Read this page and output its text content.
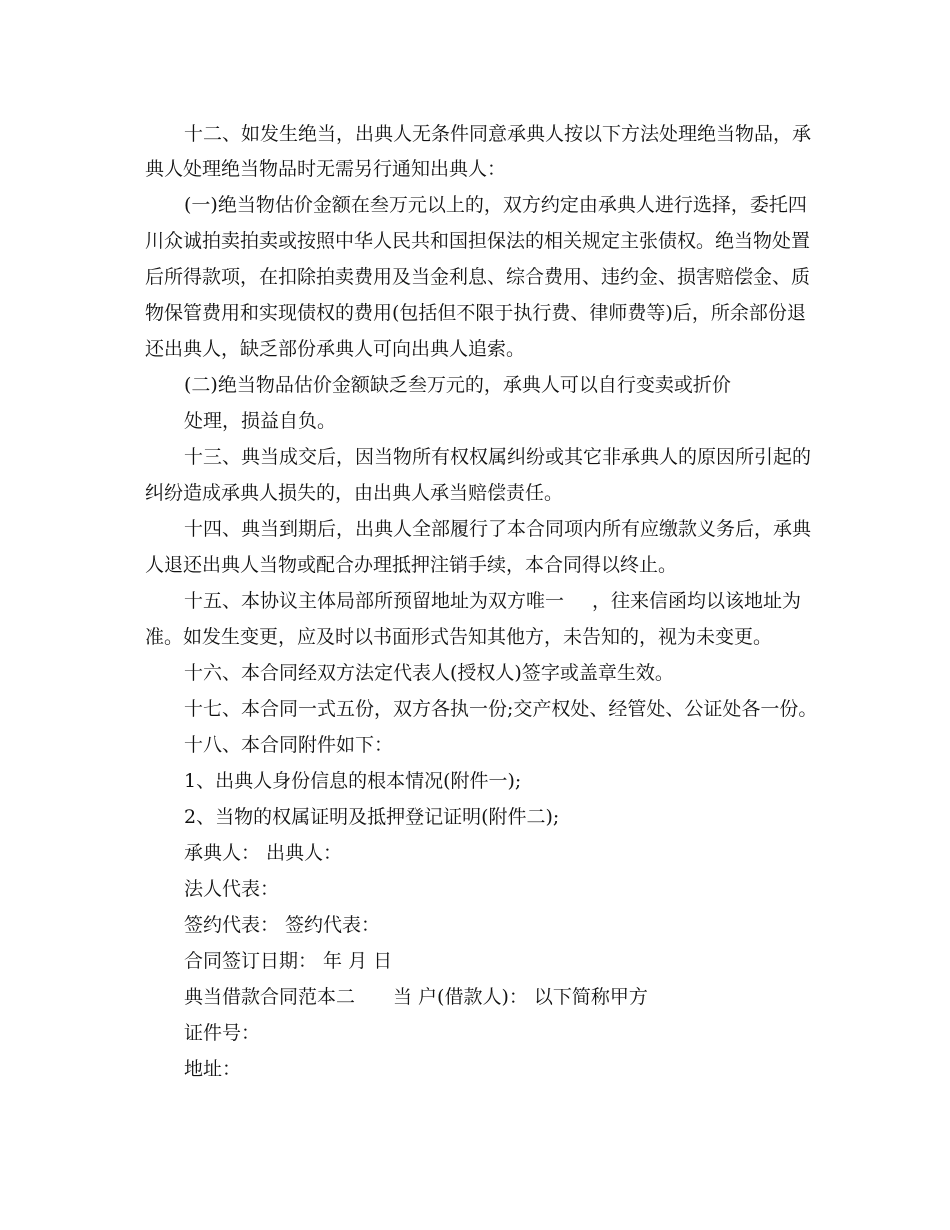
十二、如发生绝当，出典人无条件同意承典人按以下方法处理绝当物品，承

典人处理绝当物品时无需另行通知出典人：

(一)绝当物估价金额在叁万元以上的，双方约定由承典人进行选择，委托四

川众诚拍卖拍卖或按照中华人民共和国担保法的相关规定主张债权。绝当物处置

后所得款项，在扣除拍卖费用及当金利息、综合费用、违约金、损害赔偿金、质

物保管费用和实现债权的费用(包括但不限于执行费、律师费等)后，所余部份退

还出典人，缺乏部份承典人可向出典人追索。

(二)绝当物品估价金额缺乏叁万元的，承典人可以自行变卖或折价

处理，损益自负。

十三、典当成交后，因当物所有权权属纠纷或其它非承典人的原因所引起的

纠纷造成承典人损失的，由出典人承当赔偿责任。

十四、典当到期后，出典人全部履行了本合同项内所有应缴款义务后，承典

人退还出典人当物或配合办理抵押注销手续，本合同得以终止。

十五、本协议主体局部所预留地址为双方唯一 ，往来信函均以该地址为

准。如发生变更，应及时以书面形式告知其他方，未告知的，视为未变更。

十六、本合同经双方法定代表人(授权人)签字或盖章生效。

十七、本合同一式五份，双方各执一份;交产权处、经管处、公证处各一份。

十八、本合同附件如下：

1、出典人身份信息的根本情况(附件一);

2、当物的权属证明及抵押登记证明(附件二);

承典人： 出典人：

法人代表：

签约代表： 签约代表：

合同签订日期： 年 月 日

典当借款合同范本二 当 户(借款人)： 以下简称甲方

证件号：

地址：
